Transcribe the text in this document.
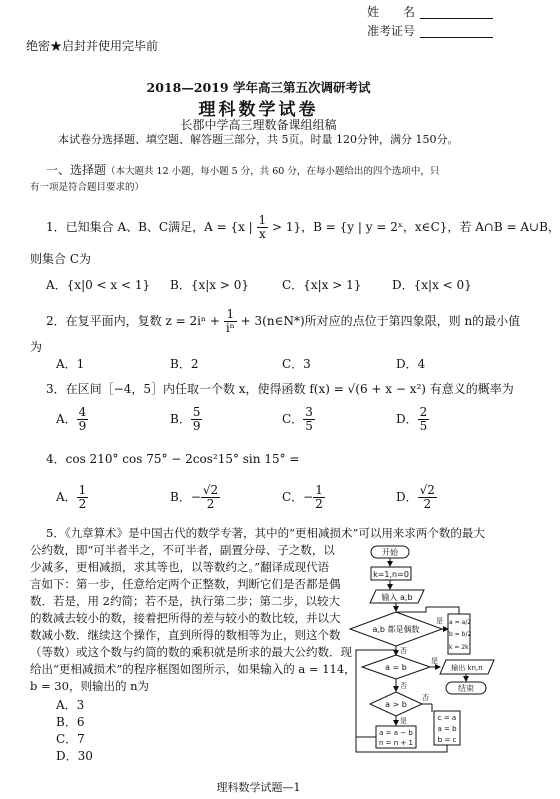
姓　　名
准考证号
绝密★启封并使用完毕前
2018—2019 学年高三第五次调研考试
理科数学试卷
长郡中学高三理数备课组组稿
本试卷分选择题、填空题、解答题三部分，共 5页。时量 120分钟，满分 150分。
一、选择题（本大题共 12 小题，每小题 5 分，共 60 分，在每小题给出的四个选项中，只
有一项是符合题目要求的）
1．已知集合 A、B、C满足，A = {x | $\frac{1}{x} > 1$}，B = {y | y = 2ˣ，x∈C}，若 A∩B = A∪B，
则集合 C为
A．{x|0 < x < 1} B．{x|x > 0}	C．{x|x > 1}	D．{x|x < 0}
2．在复平面内，复数 $z = 2i^n + \frac{1}{\text{iⁿ}}$ + 3(n∈N*)所对应的点位于第四象限，则 n的最小值
为
A．1	B．2	C．3	D．4
3．在区间［−4，5］内任取一个数 x，使得函数 f(x) = √(6 + x − x²) 有意义的概率为
A． $\frac{4}{9}$	B． $\frac{5}{9}$	C． $\frac{3}{5}$	D． $\frac{2}{5}$
4．cos 210° cos 75° − 2cos²15° sin 15° =
A． $\frac{1}{2}$	B．− $\frac{√2}{2}$	C．− $\frac{1}{2}$	D． $\frac{√2}{2}$
5．《九章算术》是中国古代的数学专著，其中的“更相减损术”可以用来求两个数的最大
公约数，即“可半者半之，不可半者，副置分母、子之数，以
少减多，更相减损，求其等也，以等数约之。”翻译成现代语
言如下：第一步，任意给定两个正整数，判断它们是否都是偶
数．若是，用 2约简；若不是，执行第二步；第二步，以较大
的数减去较小的数，接着把所得的差与较小的数比较，并以大
数减小数．继续这个操作，直到所得的数相等为止，则这个数
（等数）或这个数与约简的数的乘积就是所求的最大公约数．现
给出“更相减损术”的程序框图如图所示，如果输入的 a = 114，
b = 30，则输出的 n为
A．3
B．6
C．7
D．30
开始
k=1,n=0
输入 a,b
a,b 都是偶数
是 a = a/2
b = b/2
k = 2k
否
a = b
是
输出 kn,n
结束
否
a > b
否
是
a = a − b
n = n + 1
c = a
a = b
b = c
理科数学试题—1
